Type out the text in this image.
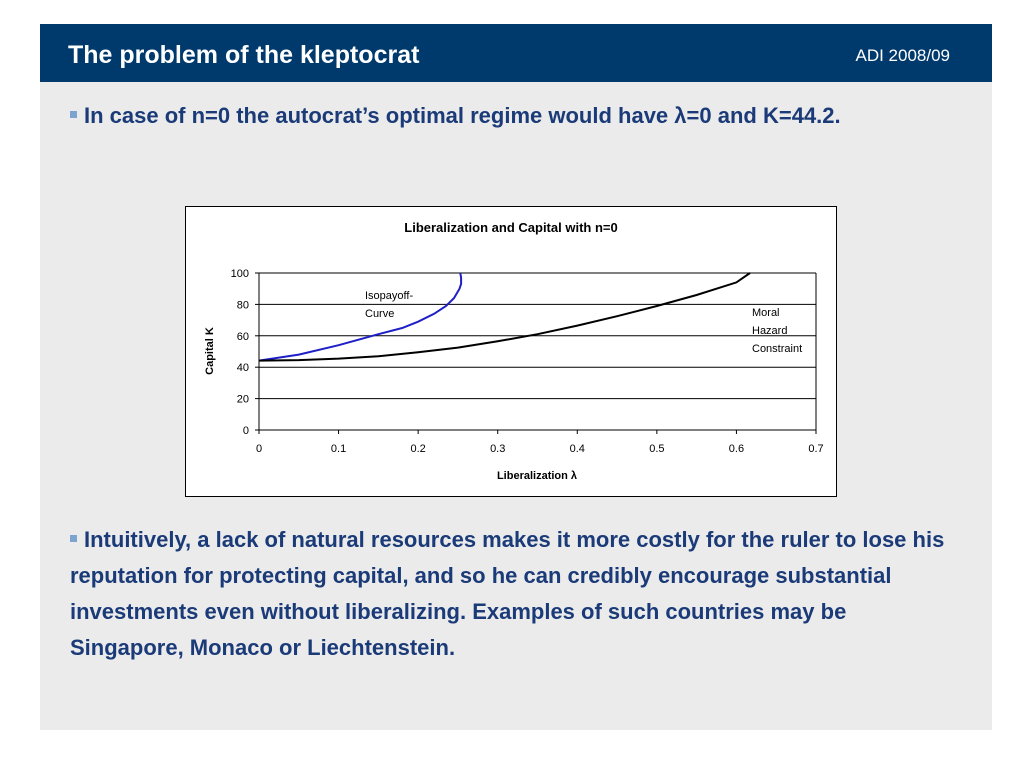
The problem of the kleptocrat	ADI 2008/09
In case of n=0 the autocrat’s optimal regime would have λ=0 and K=44.2.
Liberalization and Capital with n=0
0
20
40
60
80
100
0	0.1	0.2	0.3	0.4	0.5	0.6	0.7
Liberalization λ
Capital K
Isopayoff-
Curve	Moral
Hazard
Constraint
Intuitively, a lack of natural resources makes it more costly for the ruler to lose his reputation for protecting capital, and so he can credibly encourage substantial investments even without liberalizing. Examples of such countries may be Singapore, Monaco or Liechtenstein.
